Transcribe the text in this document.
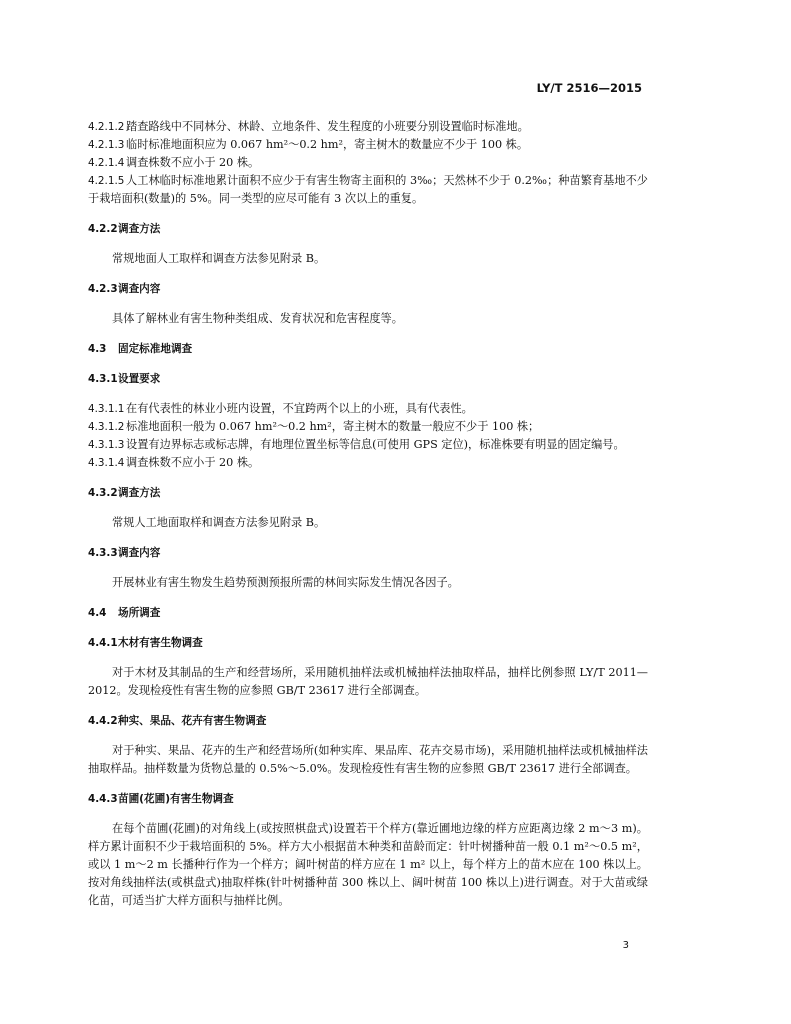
LY/T 2516—2015

4.2.1.2 踏查路线中不同林分、林龄、立地条件、发生程度的小班要分别设置临时标准地。

4.2.1.3 临时标准地面积应为 0.067 hm²～0.2 hm²，寄主树木的数量应不少于 100 株。

4.2.1.4 调查株数不应小于 20 株。

4.2.1.5 人工林临时标准地累计面积不应少于有害生物寄主面积的 3‰；天然林不少于 0.2‰；种苗繁育基地不少于栽培面积(数量)的 5%。同一类型的应尽可能有 3 次以上的重复。

4.2.2调查方法

常规地面人工取样和调查方法参见附录 B。

4.2.3调查内容

具体了解林业有害生物种类组成、发育状况和危害程度等。

4.3 固定标准地调查
4.3.1设置要求

4.3.1.1 在有代表性的林业小班内设置，不宜跨两个以上的小班，具有代表性。

4.3.1.2 标准地面积一般为 0.067 hm²～0.2 hm²，寄主树木的数量一般应不少于 100 株；

4.3.1.3 设置有边界标志或标志牌，有地理位置坐标等信息(可使用 GPS 定位)，标准株要有明显的固定编号。

4.3.1.4 调查株数不应小于 20 株。

4.3.2调查方法

常规人工地面取样和调查方法参见附录 B。

4.3.3调查内容

开展林业有害生物发生趋势预测预报所需的林间实际发生情况各因子。

4.4 场所调查
4.4.1木材有害生物调查

对于木材及其制品的生产和经营场所，采用随机抽样法或机械抽样法抽取样品，抽样比例参照 LY/T 2011—2012。发现检疫性有害生物的应参照 GB/T 23617 进行全部调查。

4.4.2种实、果品、花卉有害生物调查

对于种实、果品、花卉的生产和经营场所(如种实库、果品库、花卉交易市场)，采用随机抽样法或机械抽样法抽取样品。抽样数量为货物总量的 0.5%～5.0%。发现检疫性有害生物的应参照 GB/T 23617 进行全部调查。

4.4.3苗圃(花圃)有害生物调查

在每个苗圃(花圃)的对角线上(或按照棋盘式)设置若干个样方(靠近圃地边缘的样方应距离边缘 2 m～3 m)。样方累计面积不少于栽培面积的 5%。样方大小根据苗木种类和苗龄而定：针叶树播种苗一般 0.1 m²～0.5 m²，或以 1 m～2 m 长播种行作为一个样方；阔叶树苗的样方应在 1 m² 以上，每个样方上的苗木应在 100 株以上。按对角线抽样法(或棋盘式)抽取样株(针叶树播种苗 300 株以上、阔叶树苗 100 株以上)进行调查。对于大苗或绿化苗，可适当扩大样方面积与抽样比例。

3
